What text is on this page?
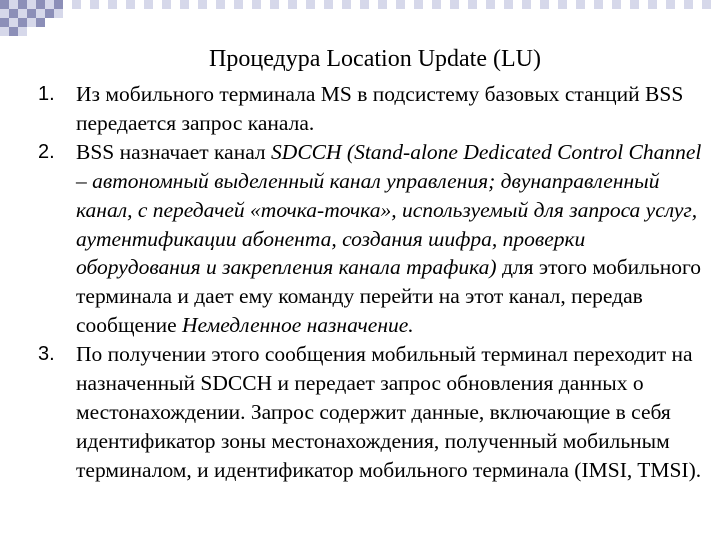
Процедура Location Update (LU)
1. Из мобильного терминала MS в подсистему базовых станций BSS передается запрос канала.
2. BSS назначает канал SDCCH (Stand-alone Dedicated Control Channel – автономный выделенный канал управления; двунаправленный канал, с передачей «точка-точка», используемый для запроса услуг, аутентификации абонента, создания шифра, проверки оборудования и закрепления канала трафика) для этого мобильного терминала и дает ему команду перейти на этот канал, передав сообщение Немедленное назначение.
3. По получении этого сообщения мобильный терминал переходит на назначенный SDCCH и передает запрос обновления данных о местонахождении. Запрос содержит данные, включающие в себя идентификатор зоны местонахождения, полученный мобильным терминалом, и идентификатор мобильного терминала (IMSI, TMSI).
